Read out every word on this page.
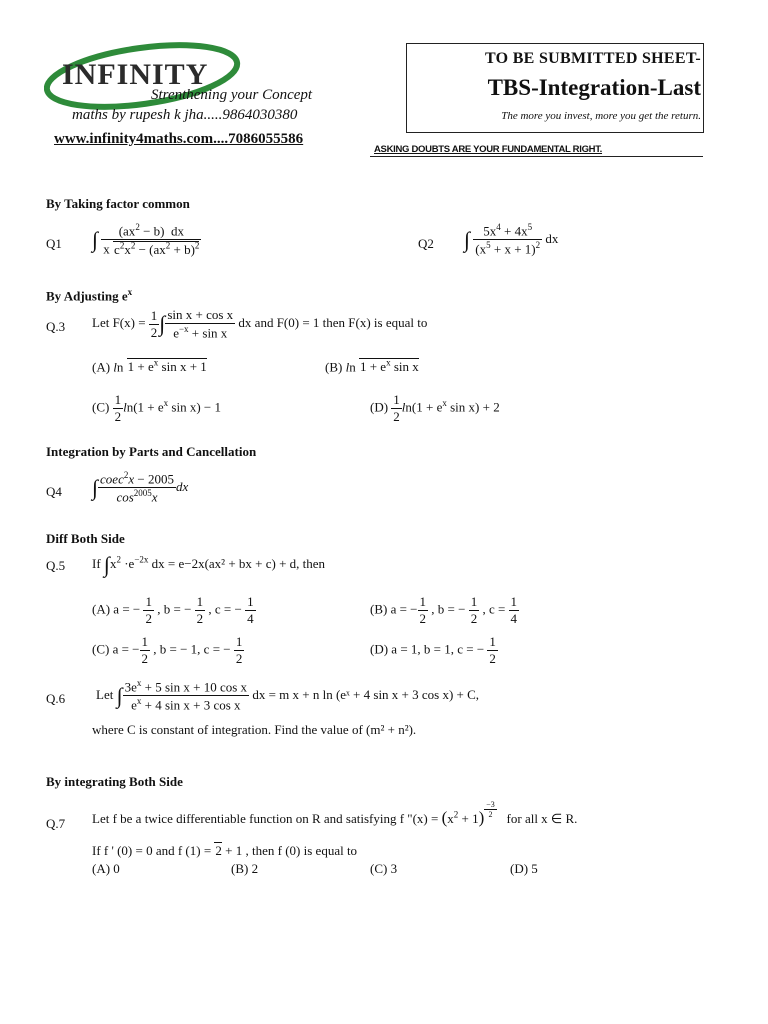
INFINITY
Strenthening your Concept
maths by rupesh k jha.....9864030380
www.infinity4maths.com....7086055586
TO BE SUBMITTED SHEET-
TBS-Integration-Last
The more you invest, more you get the return.
ASKING DOUBTS ARE YOUR FUNDAMENTAL RIGHT.
By Taking factor common
Q1 ∫ $\frac{(ax^2 - b) dx}{x c^2x^2 - (ax^2 + b)^2}$	Q2 ∫ $\frac{5x^4 + 4x^5}{(x^5 + x + 1)^2}$ dx
By Adjusting $e^x$
Q.3 Let $F(x) = \frac{1}{2}$ ∫ $\frac{\text{sin x + cos x}}{e^{-x} + \sin x}$ dx and F(0) = 1 then F(x) is equal to
(A) $\ln 1 + e^x$ sin x + 1	(B) $\ln 1 + e^x$ sin x
$(C) \frac{1}{2} \ln(1 + e^x$ sin x) − 1	$(D) \frac{1}{2} \ln(1 + e^x$ sin x) + 2
Integration by Parts and Cancellation
Q4 ∫ $\frac{coec^2x - 2005}{\cos^{2005}x}$ dx
Diff Both Side
Q.5 If $\int x^2 \cdot e^{-2x}$ dx = e−2x(ax² + bx + c) + d, then
(A) a = − $\frac{1}{2}$ , b = − $\frac{1}{2}$ , c = − $\frac{1}{4}$	(B) a = − $\frac{1}{2}$ , b = − $\frac{1}{2}$ , $c = \frac{1}{4}$
(C) a = − $\frac{1}{2}$ , b = − 1, c = − $\frac{1}{2}$	(D) a = 1, b = 1, c = − $\frac{1}{2}$
Q.6 Let ∫ $\frac{3e^x + 5 \sin x + 10 \cos x}{e^x + 4 \sin x + 3 \cos x}$ dx = m x + n ln (eˣ + 4 sin x + 3 cos x) + C,
where C is constant of integration. Find the value of (m² + n²).
By integrating Both Side
Q.7 Let f be a twice differentiable function on R and satisfying f "$(x) = (x^2 + 1)$ $^{\frac{-3}{2}}$ for all x ∈ R.
If f ' (0) = 0 and f (1) = 2 + 1 , then f (0) is equal to
(A) 0	(B) 2	(C) 3	(D) 5
